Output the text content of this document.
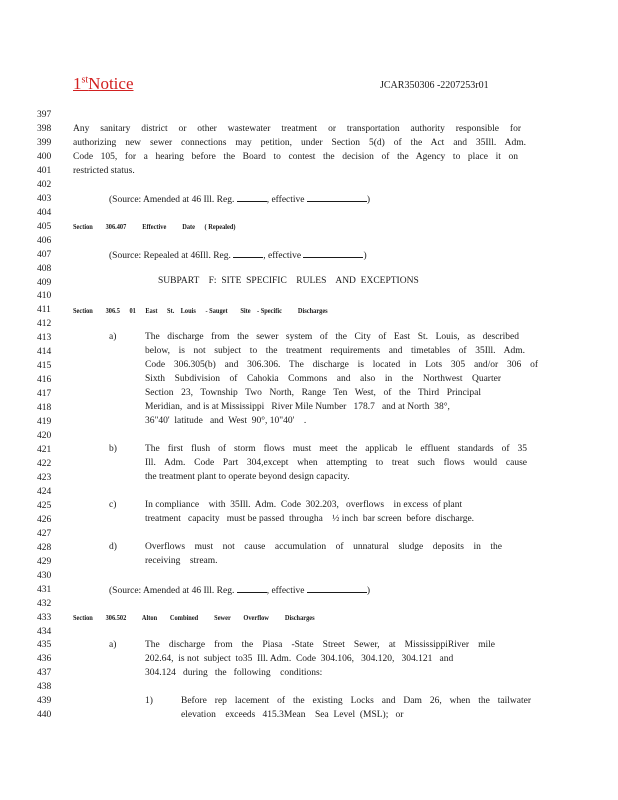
1stNotice	JCAR350306 -2207253r01
397
398
399
400
401
402
403
404
405
406
407
408
409
410
411
412
413
414
415
416
417
418
419
420
421
422
423
424
425
426
427
428
429
430
431
432
433
434
435
436
437
438
439
440
Any sanitary district or other wastewater treatment or transportation authority responsible for
authorizing new sewer connections may petition, under Section 5(d) of the Act and 35Ill. Adm.
Code 105, for a hearing before the Board to contest the decision of the Agency to place it on
restricted status.
(Source: Amended at 46 Ill. Reg.	, effective	)
Section        306.407          Effective          Date      ( Repealed)
(Source: Repealed at 46Ill. Reg.	, effective	)
SUBPART    F:  SITE  SPECIFIC    RULES    AND  EXCEPTIONS
Section        306.5      01      East      St.    Louis      - Sauget        Site    - Specific          Discharges
a)	The discharge from the sewer system of the City of East St. Louis, as described
below, is not subject to the treatment requirements and timetables of 35Ill. Adm.
Code 306.305(b) and 306.306. The discharge is located in Lots 305 and/or 306 of
Sixth Subdivision of Cahokia Commons and also in the Northwest Quarter
Section 23, Township Two North, Range Ten West, of the Third Principal
Meridian,  and is at Mississippi   River Mile Number   178.7   and at North  38°,
36"40'  latitude   and  West  90°, 10"40'    .
b)	The first flush of storm flows must meet the applicab le effluent standards of 35
Ill. Adm. Code Part 304,except when attempting to treat such flows would cause
the treatment plant to operate beyond design capacity.
c)	In compliance    with  35Ill.  Adm.  Code  302.203,   overflows    in excess  of plant
treatment   capacity   must be passed  througha    ½ inch  bar screen  before  discharge.
d)	Overflows must not cause accumulation of unnatural sludge deposits in the
receiving    stream.
(Source: Amended at 46 Ill. Reg.	, effective	)
Section        306.502          Alton        Combined          Sewer        Overflow          Discharges
a)	The discharge from the Piasa -State Street Sewer, at MississippiRiver mile
202.64,  is not  subject  to35  Ill. Adm.  Code  304.106,   304.120,   304.121   and
304.124   during   the   following    conditions:
1)	Before rep lacement of the existing Locks and Dam 26, when the tailwater
elevation    exceeds   415.3Mean    Sea  Level  (MSL);   or
